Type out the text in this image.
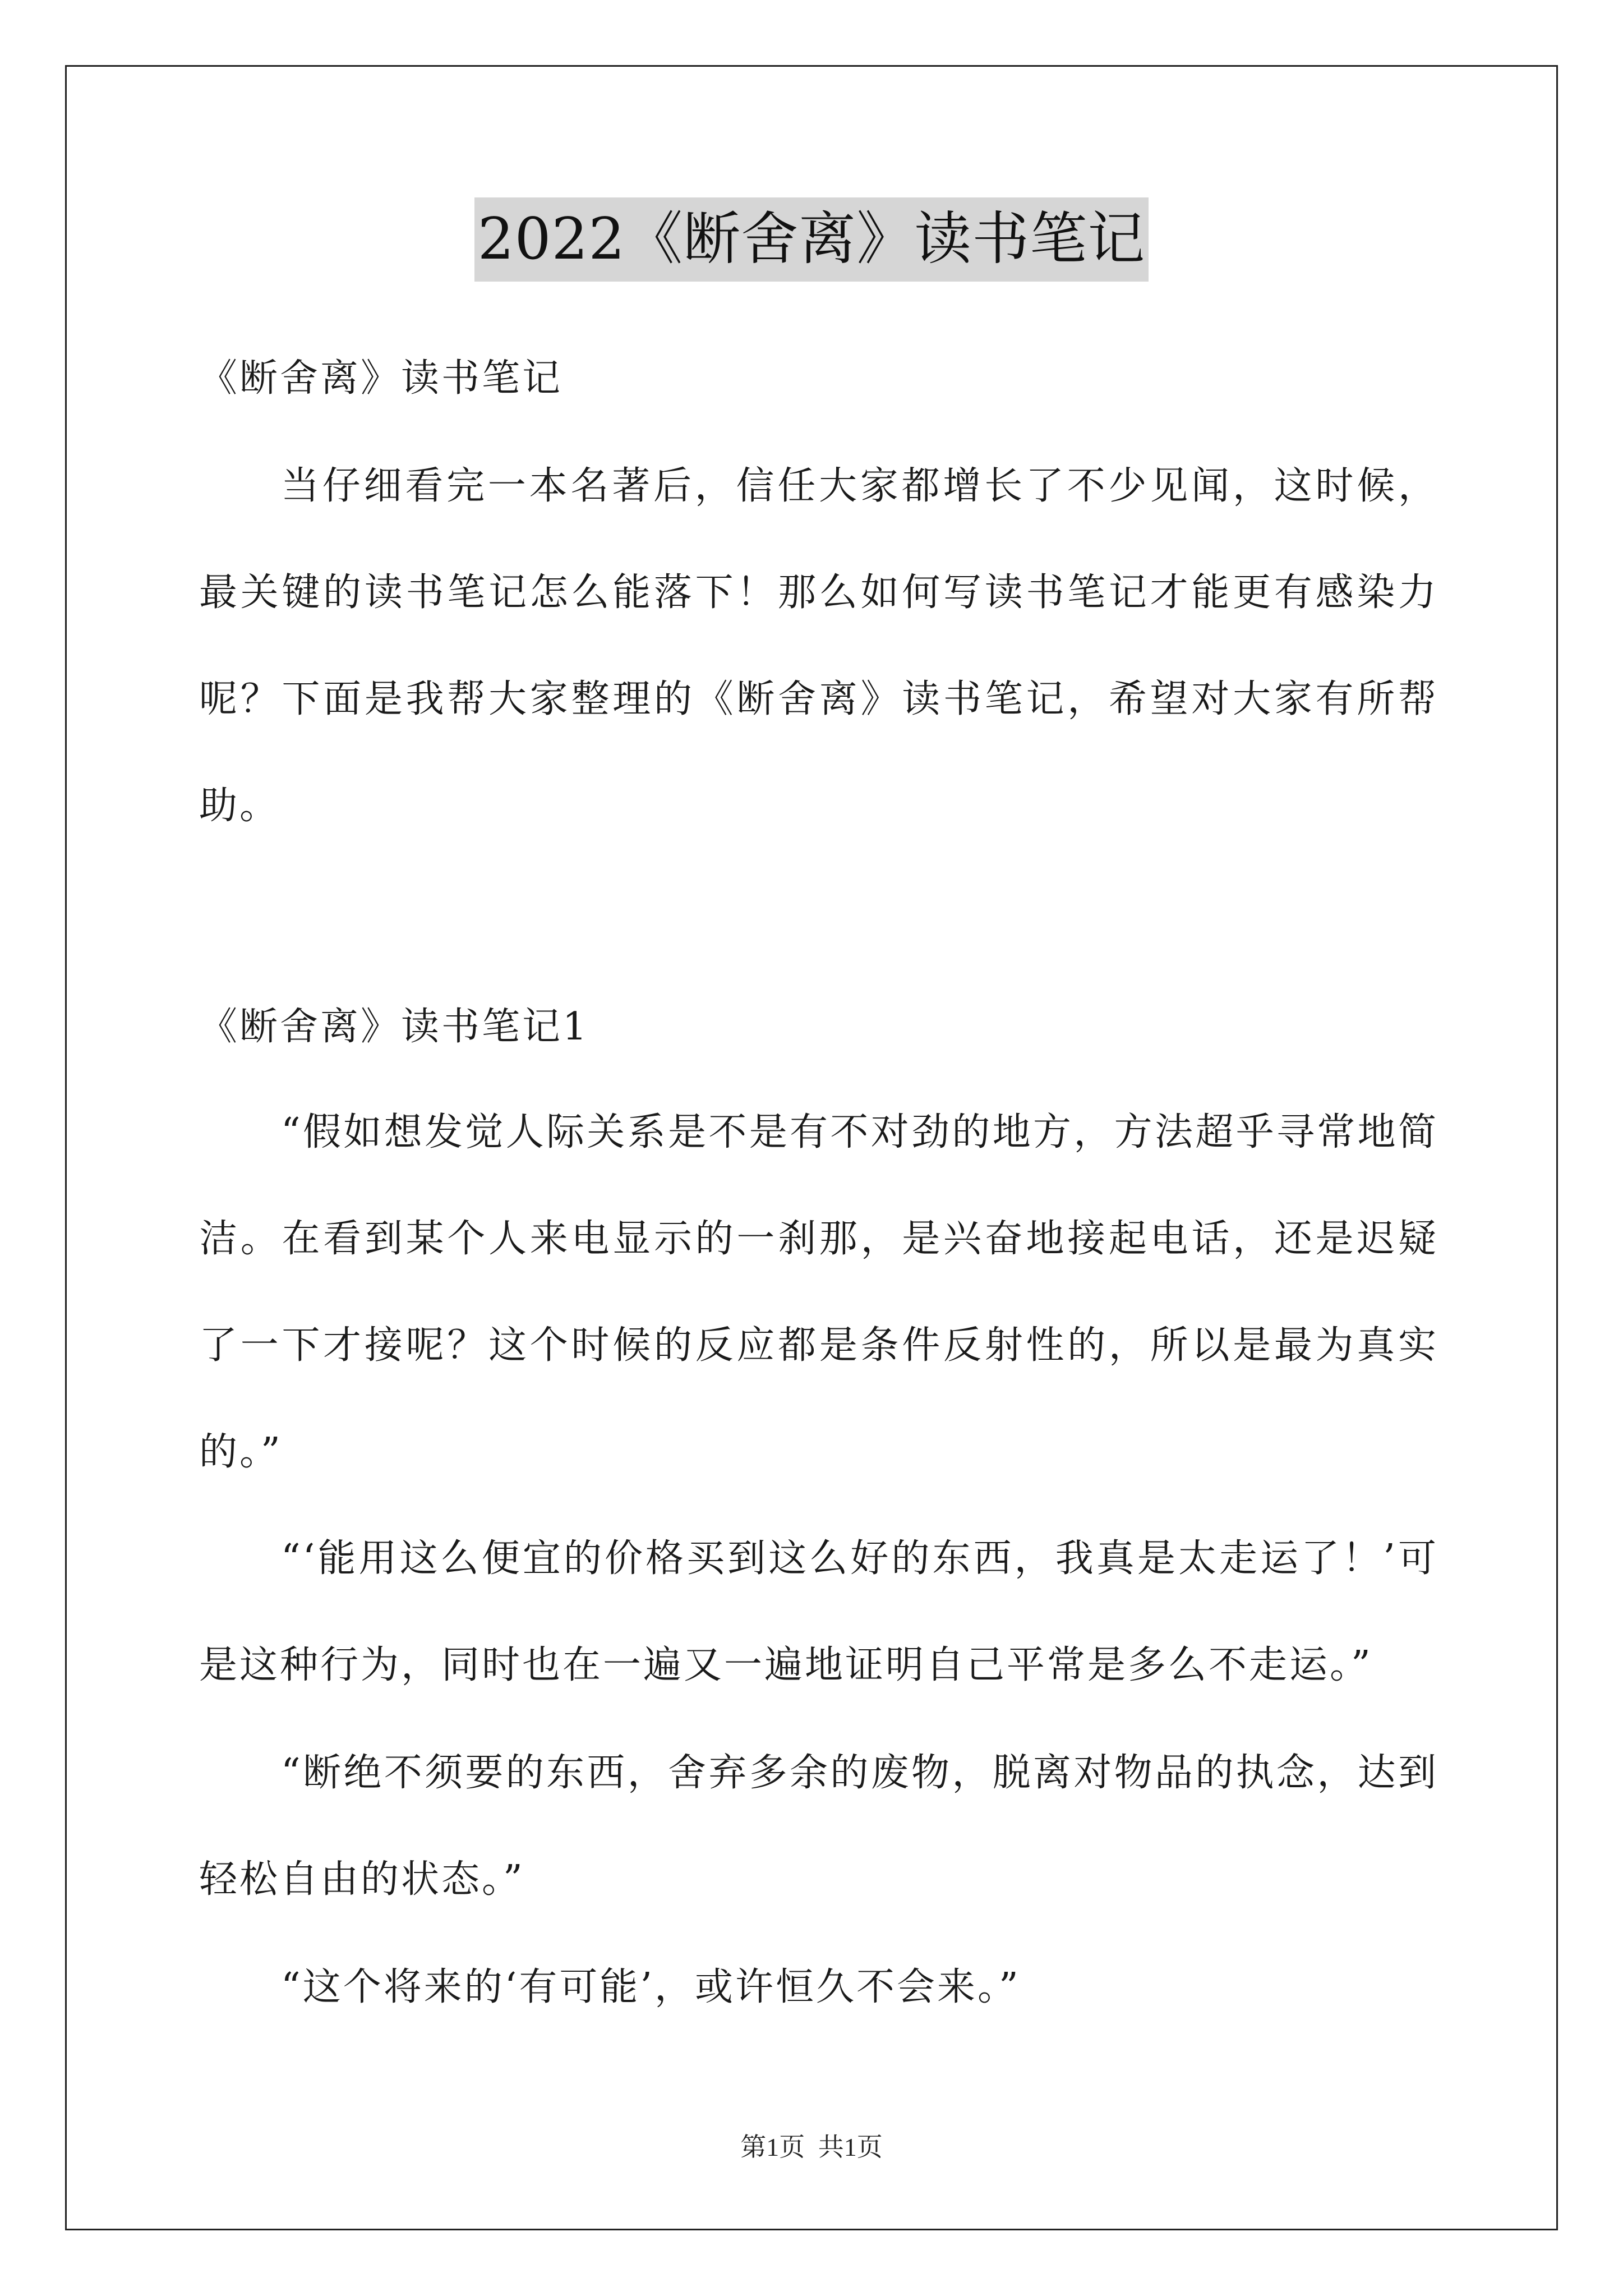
2022《断舍离》读书笔记

《断舍离》读书笔记

当仔细看完一本名著后，信任大家都增长了不少见闻，这时候，最关键的读书笔记怎么能落下！那么如何写读书笔记才能更有感染力呢？下面是我帮大家整理的《断舍离》读书笔记，希望对大家有所帮助。

《断舍离》读书笔记1

“假如想发觉人际关系是不是有不对劲的地方，方法超乎寻常地简洁。在看到某个人来电显示的一刹那，是兴奋地接起电话，还是迟疑了一下才接呢？这个时候的反应都是条件反射性的，所以是最为真实的。”

“‘能用这么便宜的价格买到这么好的东西，我真是太走运了！’可是这种行为，同时也在一遍又一遍地证明自己平常是多么不走运。”

“断绝不须要的东西，舍弃多余的废物，脱离对物品的执念，达到轻松自由的状态。”

“这个将来的‘有可能’，或许恒久不会来。”

第1页 共1页
